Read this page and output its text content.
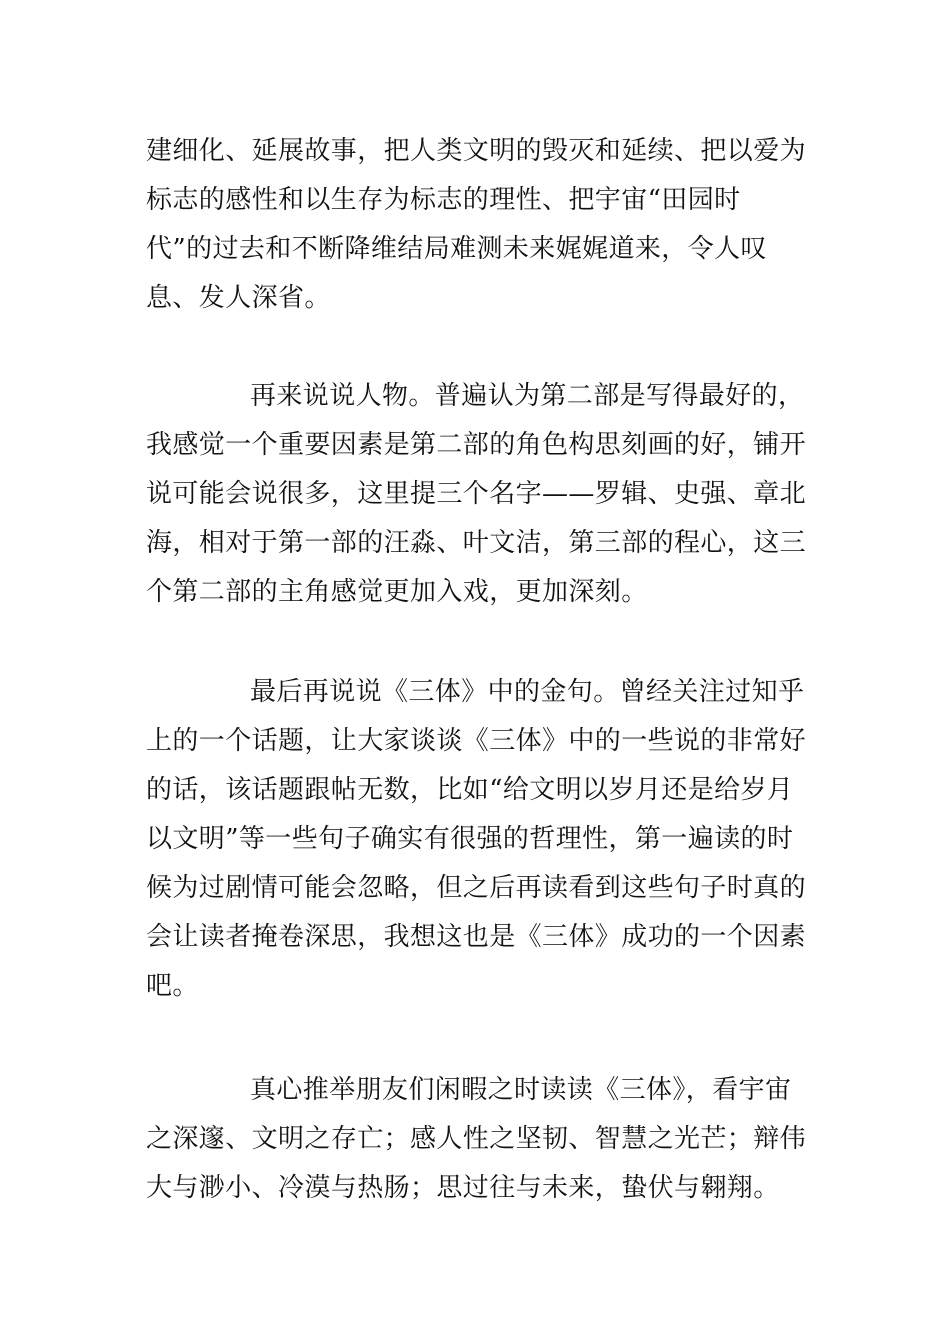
建细化、延展故事，把人类文明的毁灭和延续、把以爱为标志的感性和以生存为标志的理性、把宇宙“田园时代”的过去和不断降维结局难测未来娓娓道来，令人叹息、发人深省。

再来说说人物。普遍认为第二部是写得最好的，我感觉一个重要因素是第二部的角色构思刻画的好，铺开说可能会说很多，这里提三个名字——罗辑、史强、章北海，相对于第一部的汪淼、叶文洁，第三部的程心，这三个第二部的主角感觉更加入戏，更加深刻。

最后再说说《三体》中的金句。曾经关注过知乎上的一个话题，让大家谈谈《三体》中的一些说的非常好的话，该话题跟帖无数，比如“给文明以岁月还是给岁月以文明”等一些句子确实有很强的哲理性，第一遍读的时候为过剧情可能会忽略，但之后再读看到这些句子时真的会让读者掩卷深思，我想这也是《三体》成功的一个因素吧。

真心推举朋友们闲暇之时读读《三体》，看宇宙之深邃、文明之存亡；感人性之坚韧、智慧之光芒；辩伟大与渺小、冷漠与热肠；思过往与未来，蛰伏与翱翔。
